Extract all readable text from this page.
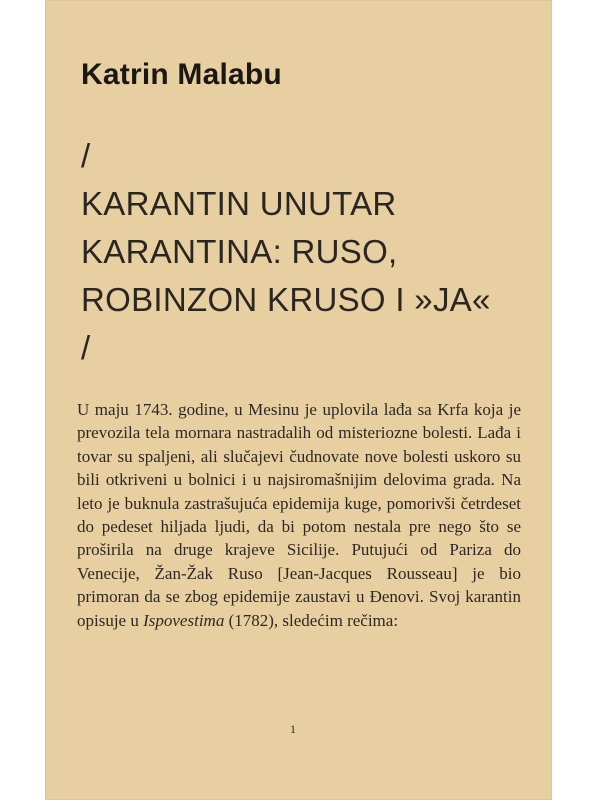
Katrin Malabu
/
KARANTIN UNUTAR
KARANTINA: RUSO,
ROBINZON KRUSO I »JA«
/
U maju 1743. godine, u Mesinu je uplovila lađa sa Krfa koja je prevozila tela mornara nastradalih od misteriozne bolesti. Lađa i tovar su spaljeni, ali slučajevi čudnovate nove bolesti uskoro su bili otkriveni u bolnici i u najsiromašnijim delovima grada. Na leto je buknula zastrašujuća epidemija kuge, pomorivši četrdeset do pedeset hiljada ljudi, da bi potom nestala pre nego što se proširila na druge krajeve Sicilije. Putujući od Pariza do Venecije, Žan-Žak Ruso [Jean-Jacques Rousseau] je bio primoran da se zbog epidemije zaustavi u Đenovi. Svoj karantin opisuje u Ispovestima (1782), sledećim rečima:
1
